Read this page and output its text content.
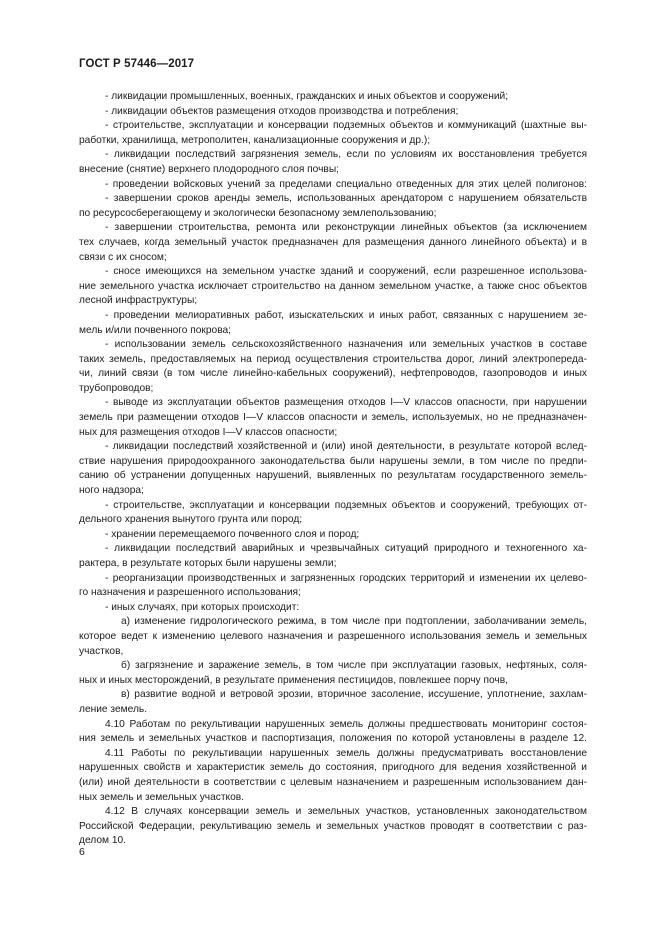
ГОСТ Р 57446—2017
- ликвидации промышленных, военных, гражданских и иных объектов и сооружений;
- ликвидации объектов размещения отходов производства и потребления;
- строительстве, эксплуатации и консервации подземных объектов и коммуникаций (шахтные вы-
работки, хранилища, метрополитен, канализационные сооружения и др.);
- ликвидации последствий загрязнения земель, если по условиям их восстановления требуется
внесение (снятие) верхнего плодородного слоя почвы;
- проведении войсковых учений за пределами специально отведенных для этих целей полигонов:
- завершении сроков аренды земель, использованных арендатором с нарушением обязательств
по ресурсосберегающему и экологически безопасному землепользованию;
- завершении строительства, ремонта или реконструкции линейных объектов (за исключением
тех случаев, когда земельный участок предназначен для размещения данного линейного объекта) и в
связи с их сносом;
- сносе имеющихся на земельном участке зданий и сооружений, если разрешенное использова-
ние земельного участка исключает строительство на данном земельном участке, а также снос объектов
лесной инфраструктуры;
- проведении мелиоративных работ, изыскательских и иных работ, связанных с нарушением зе-
мель и/или почвенного покрова;
- использовании земель сельскохозяйственного назначения или земельных участков в составе
таких земель, предоставляемых на период осуществления строительства дорог, линий электропереда-
чи, линий связи (в том числе линейно-кабельных сооружений), нефтепроводов, газопроводов и иных
трубопроводов;
- выводе из эксплуатации объектов размещения отходов I—V классов опасности, при нарушении
земель при размещении отходов I—V классов опасности и земель, используемых, но не предназначен-
ных для размещения отходов I—V классов опасности;
- ликвидации последствий хозяйственной и (или) иной деятельности, в результате которой вслед-
ствие нарушения природоохранного законодательства были нарушены земли, в том числе по предпи-
санию об устранении допущенных нарушений, выявленных по результатам государственного земель-
ного надзора;
- строительстве, эксплуатации и консервации подземных объектов и сооружений, требующих от-
дельного хранения вынутого грунта или пород;
- хранении перемещаемого почвенного слоя и пород;
- ликвидации последствий аварийных и чрезвычайных ситуаций природного и техногенного ха-
рактера, в результате которых были нарушены земли;
- реорганизации производственных и загрязненных городских территорий и изменении их целево-
го назначения и разрешенного использования;
- иных случаях, при которых происходит:
а) изменение гидрологического режима, в том числе при подтоплении, заболачивании земель,
которое ведет к изменению целевого назначения и разрешенного использования земель и земельных
участков,
б) загрязнение и заражение земель, в том числе при эксплуатации газовых, нефтяных, соля-
ных и иных месторождений, в результате применения пестицидов, повлекшее порчу почв,
в) развитие водной и ветровой эрозии, вторичное засоление, иссушение, уплотнение, захлам-
ление земель.
4.10 Работам по рекультивации нарушенных земель должны предшествовать мониторинг состоя-
ния земель и земельных участков и паспортизация, положения по которой установлены в разделе 12.
4.11 Работы по рекультивации нарушенных земель должны предусматривать восстановление
нарушенных свойств и характеристик земель до состояния, пригодного для ведения хозяйственной и
(или) иной деятельности в соответствии с целевым назначением и разрешенным использованием дан-
ных земель и земельных участков.
4.12 В случаях консервации земель и земельных участков, установленных законодательством
Российской Федерации, рекультивацию земель и земельных участков проводят в соответствии с раз-
делом 10.
6
